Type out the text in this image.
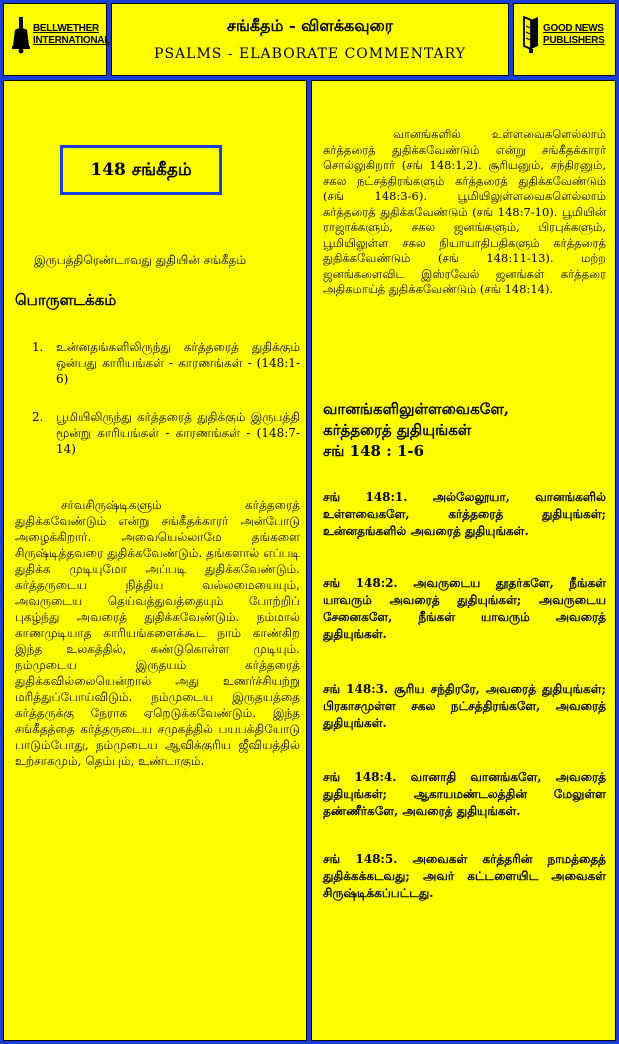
BELLWETHER
INTERNATIONAL
சங்கீதம் - விளக்கவுரை
PSALMS - ELABORATE COMMENTARY
GOOD NEWS
PUBLISHERS
148 சங்கீதம்
இருபத்திரெண்டாவது துதியின் சங்கீதம்
பொருளடக்கம்
1.	உன்னதங்களிலிருந்து கர்த்தரைத் துதிக்கும் ஒன்பது காரியங்கள் - காரணங்கள் - (148:1-6)
2.	பூமியிலிருந்து கர்த்தரைத் துதிக்கும் இருபத்தி மூன்று காரியங்கள் - காரணங்கள் - (148:7-14)
சர்வசிருஷ்டிகளும் கர்த்தரைத் துதிக்கவேண்டும் என்று சங்கீதக்காரர் அன்போடு அழைக்கிறார். அவையெல்லாமே தங்களை சிருஷ்டித்தவரை துதிக்கவேண்டும். தங்களால் எப்படி துதிக்க முடியுமோ அப்படி துதிக்கவேண்டும். கர்த்தருடைய நித்திய வல்லமையையும், அவருடைய தெய்வத்துவத்தையும் போற்றிப் புகழ்ந்து அவரைத் துதிக்கவேண்டும். நம்மால் காணமுடியாத காரியங்களைக்கூட நாம் காண்கிற இந்த உலகத்தில், கண்டுகொள்ள முடியும். நம்முடைய இருதயம் கர்த்தரைத் துதிக்கவில்லையென்றால் அது உணர்ச்சியற்று மரித்துப்போய்விடும். நம்முடைய இருதயத்தை கர்த்தருக்கு நேராக ஏறெடுக்கவேண்டும். இந்த சங்கீதத்தை கர்த்தருடைய சமுகத்தில் பயபக்தியோடு பாடும்போது, நம்முடைய ஆவிக்குரிய ஜீவியத்தில் உற்சாகமும், தெம்பும், உண்டாகும்.
வானங்களில் உள்ளவைகளெல்லாம் கர்த்தரைத் துதிக்கவேண்டும் என்று சங்கீதக்காரர் சொல்லுகிறார் (சங் 148:1,2). சூரியனும், சந்திரனும், சகல நட்சத்திரங்களும் கர்த்தரைத் துதிக்கவேண்டும் (சங் 148:3-6). பூமியிலுள்ளவைகளெல்லாம் கர்த்தரைத் துதிக்கவேண்டும் (சங் 148:7-10). பூமியின் ராஜாக்களும், சகல ஜனங்களும், பிரபுக்களும், பூமியிலுள்ள சகல நியாயாதிபதிகளும் கர்த்தரைத் துதிக்கவேண்டும் (சங் 148:11-13). மற்ற ஜனங்களைவிட இஸ்ரவேல் ஜனங்கள் கர்த்தரை அதிகமாய்த் துதிக்கவேண்டும் (சங் 148:14).
வானங்களிலுள்ளவைகளே,
கர்த்தரைத் துதியுங்கள்
சங் 148 : 1-6
சங் 148:1. அல்லேலூயா, வானங்களில் உள்ளவைகளே, கர்த்தரைத் துதியுங்கள்; உன்னதங்களில் அவரைத் துதியுங்கள்.
சங் 148:2. அவருடைய தூதர்களே, நீங்கள் யாவரும் அவரைத் துதியுங்கள்; அவருடைய சேனைகளே, நீங்கள் யாவரும் அவரைத் துதியுங்கள்.
சங் 148:3. சூரிய சந்திரரே, அவரைத் துதியுங்கள்; பிரகாசமுள்ள சகல நட்சத்திரங்களே, அவரைத் துதியுங்கள்.
சங் 148:4. வானாதி வானங்களே, அவரைத் துதியுங்கள்; ஆகாயமண்டலத்தின் மேலுள்ள தண்ணீர்களே, அவரைத் துதியுங்கள்.
சங் 148:5. அவைகள் கர்த்தரின் நாமத்தைத் துதிக்கக்கடவது; அவர் கட்டளையிட அவைகள் சிருஷ்டிக்கப்பட்டது.
